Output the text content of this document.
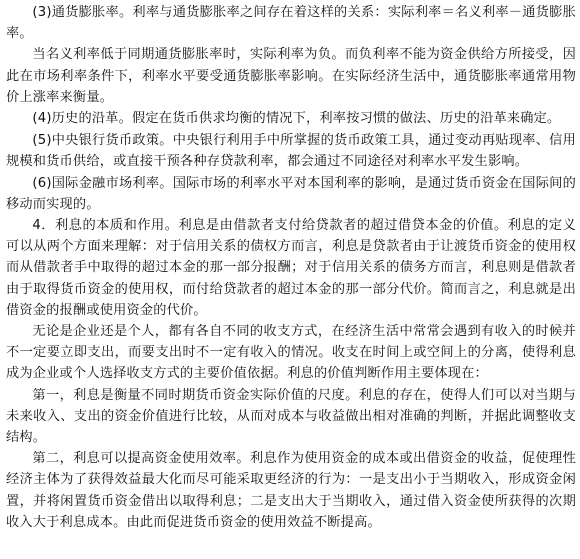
(3)通货膨胀率。利率与通货膨胀率之间存在着这样的关系：实际利率＝名义利率－通货膨胀率。

当名义利率低于同期通货膨胀率时，实际利率为负。而负利率不能为资金供给方所接受，因此在市场利率条件下，利率水平要受通货膨胀率影响。在实际经济生活中，通货膨胀率通常用物价上涨率来衡量。

(4)历史的沿革。假定在货币供求均衡的情况下，利率按习惯的做法、历史的沿革来确定。

(5)中央银行货币政策。中央银行利用手中所掌握的货币政策工具，通过变动再贴现率、信用规模和货币供给，或直接干预各种存贷款利率，都会通过不同途径对利率水平发生影响。

(6)国际金融市场利率。国际市场的利率水平对本国利率的影响，是通过货币资金在国际间的移动而实现的。

4．利息的本质和作用。利息是由借款者支付给贷款者的超过借贷本金的价值。利息的定义可以从两个方面来理解：对于信用关系的债权方而言，利息是贷款者由于让渡货币资金的使用权而从借款者手中取得的超过本金的那一部分报酬；对于信用关系的债务方而言，利息则是借款者由于取得货币资金的使用权，而付给贷款者的超过本金的那一部分代价。简而言之，利息就是出借资金的报酬或使用资金的代价。

无论是企业还是个人，都有各自不同的收支方式，在经济生活中常常会遇到有收入的时候并不一定要立即支出，而要支出时不一定有收入的情况。收支在时间上或空间上的分离，使得利息成为企业或个人选择收支方式的主要价值依据。利息的价值判断作用主要体现在：

第一，利息是衡量不同时期货币资金实际价值的尺度。利息的存在，使得人们可以对当期与未来收入、支出的资金价值进行比较，从而对成本与收益做出相对准确的判断，并据此调整收支结构。

第二，利息可以提高资金使用效率。利息作为使用资金的成本或出借资金的收益，促使理性经济主体为了获得效益最大化而尽可能采取更经济的行为：一是支出小于当期收入，形成资金闲置，并将闲置货币资金借出以取得利息；二是支出大于当期收入，通过借入资金使所获得的次期收入大于利息成本。由此而促进货币资金的使用效益不断提高。
